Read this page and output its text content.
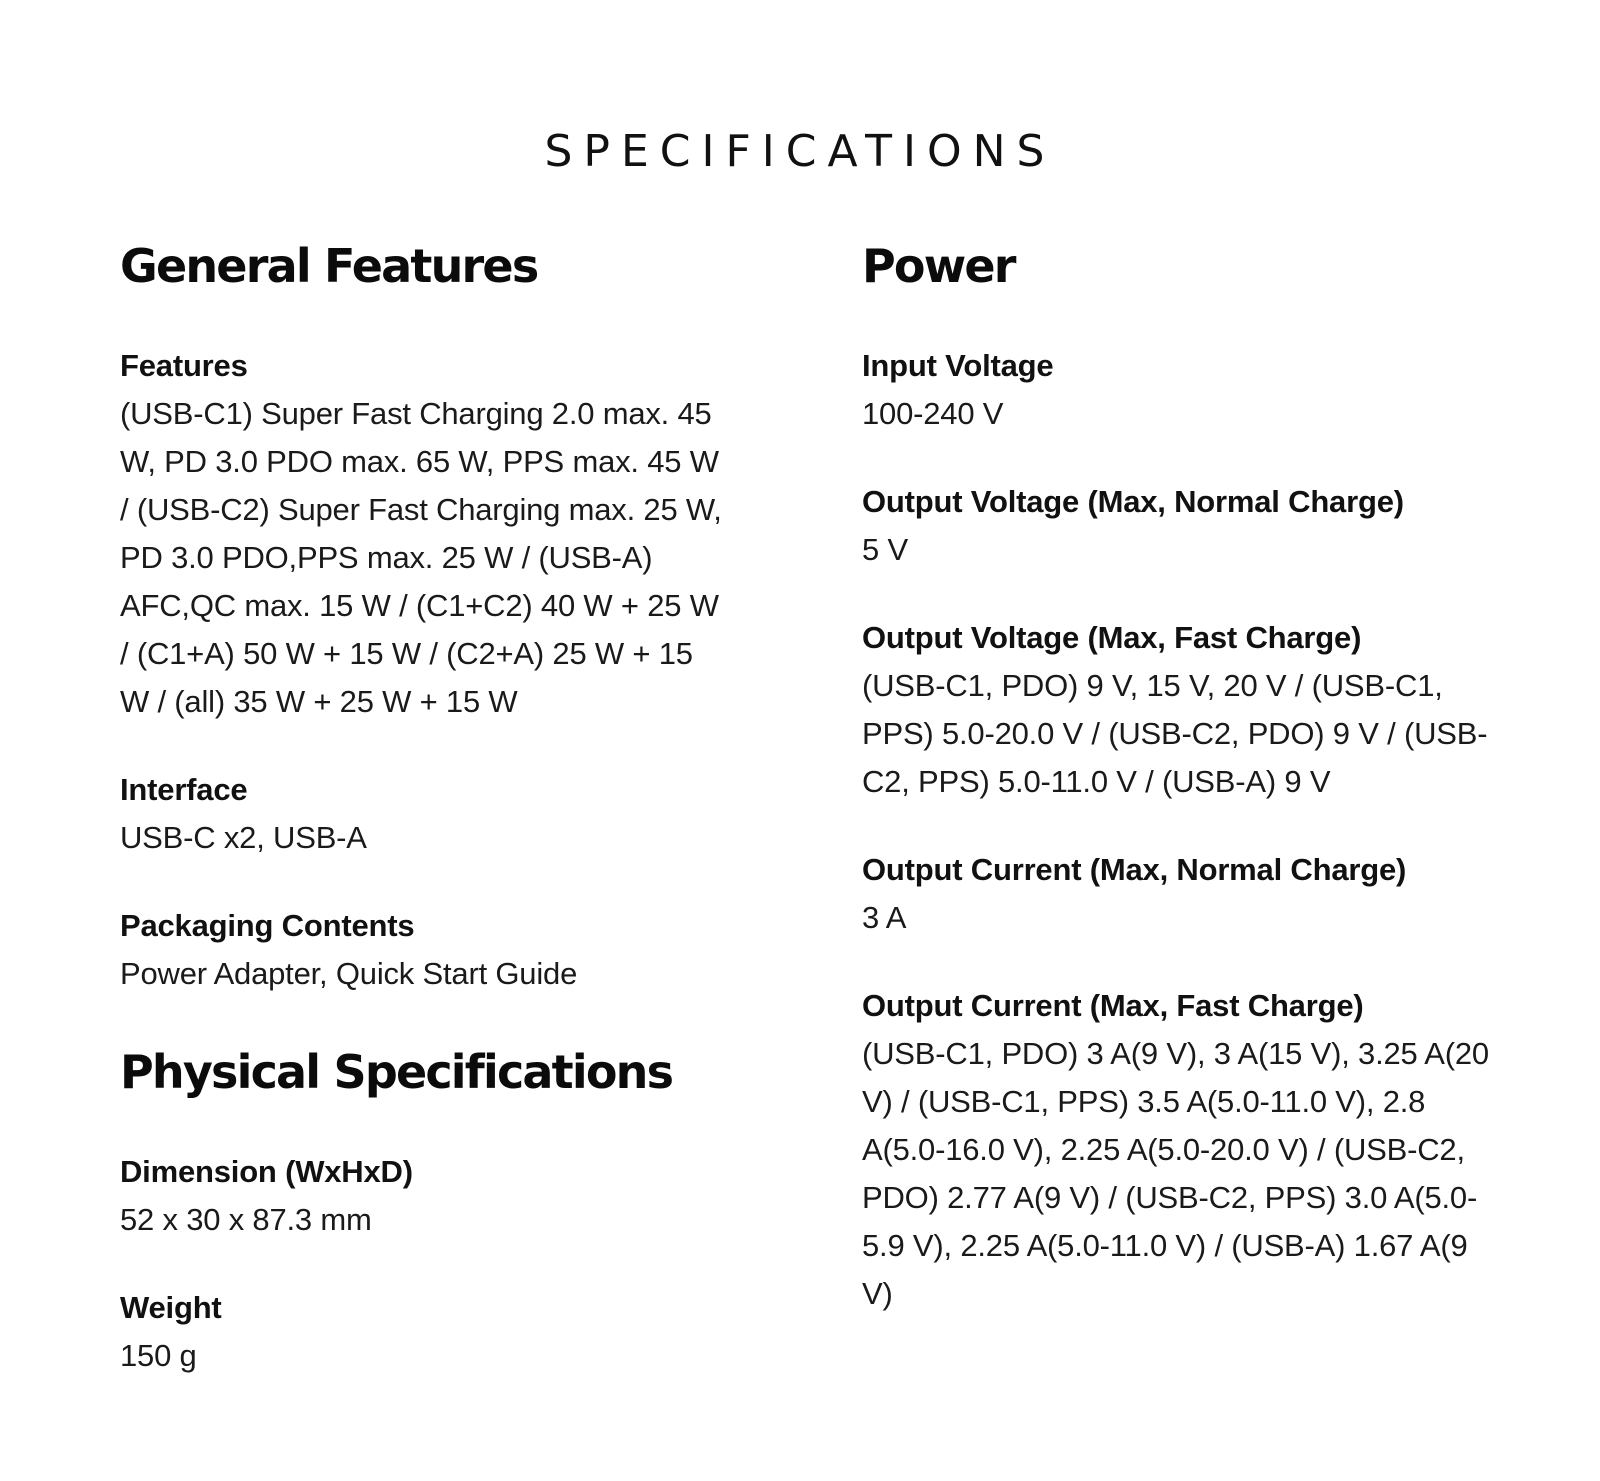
SPECIFICATIONS
General Features
Features
(USB-C1) Super Fast Charging 2.0 max. 45 W, PD 3.0 PDO max. 65 W, PPS max. 45 W / (USB-C2) Super Fast Charging max. 25 W, PD 3.0 PDO,PPS max. 25 W / (USB-A) AFC,QC max. 15 W / (C1+C2) 40 W + 25 W / (C1+A) 50 W + 15 W / (C2+A) 25 W + 15 W / (all) 35 W + 25 W + 15 W
Interface
USB-C x2, USB-A
Packaging Contents
Power Adapter, Quick Start Guide
Physical Specifications
Dimension (WxHxD)
52 x 30 x 87.3 mm
Weight
150 g
Power
Input Voltage
100-240 V
Output Voltage (Max, Normal Charge)
5 V
Output Voltage (Max, Fast Charge)
(USB-C1, PDO) 9 V, 15 V, 20 V / (USB-C1, PPS) 5.0-20.0 V / (USB-C2, PDO) 9 V / (USB-C2, PPS) 5.0-11.0 V / (USB-A) 9 V
Output Current (Max, Normal Charge)
3 A
Output Current (Max, Fast Charge)
(USB-C1, PDO) 3 A(9 V), 3 A(15 V), 3.25 A(20 V) / (USB-C1, PPS) 3.5 A(5.0-11.0 V), 2.8 A(5.0-16.0 V), 2.25 A(5.0-20.0 V) / (USB-C2, PDO) 2.77 A(9 V) / (USB-C2, PPS) 3.0 A(5.0-5.9 V), 2.25 A(5.0-11.0 V) / (USB-A) 1.67 A(9 V)
